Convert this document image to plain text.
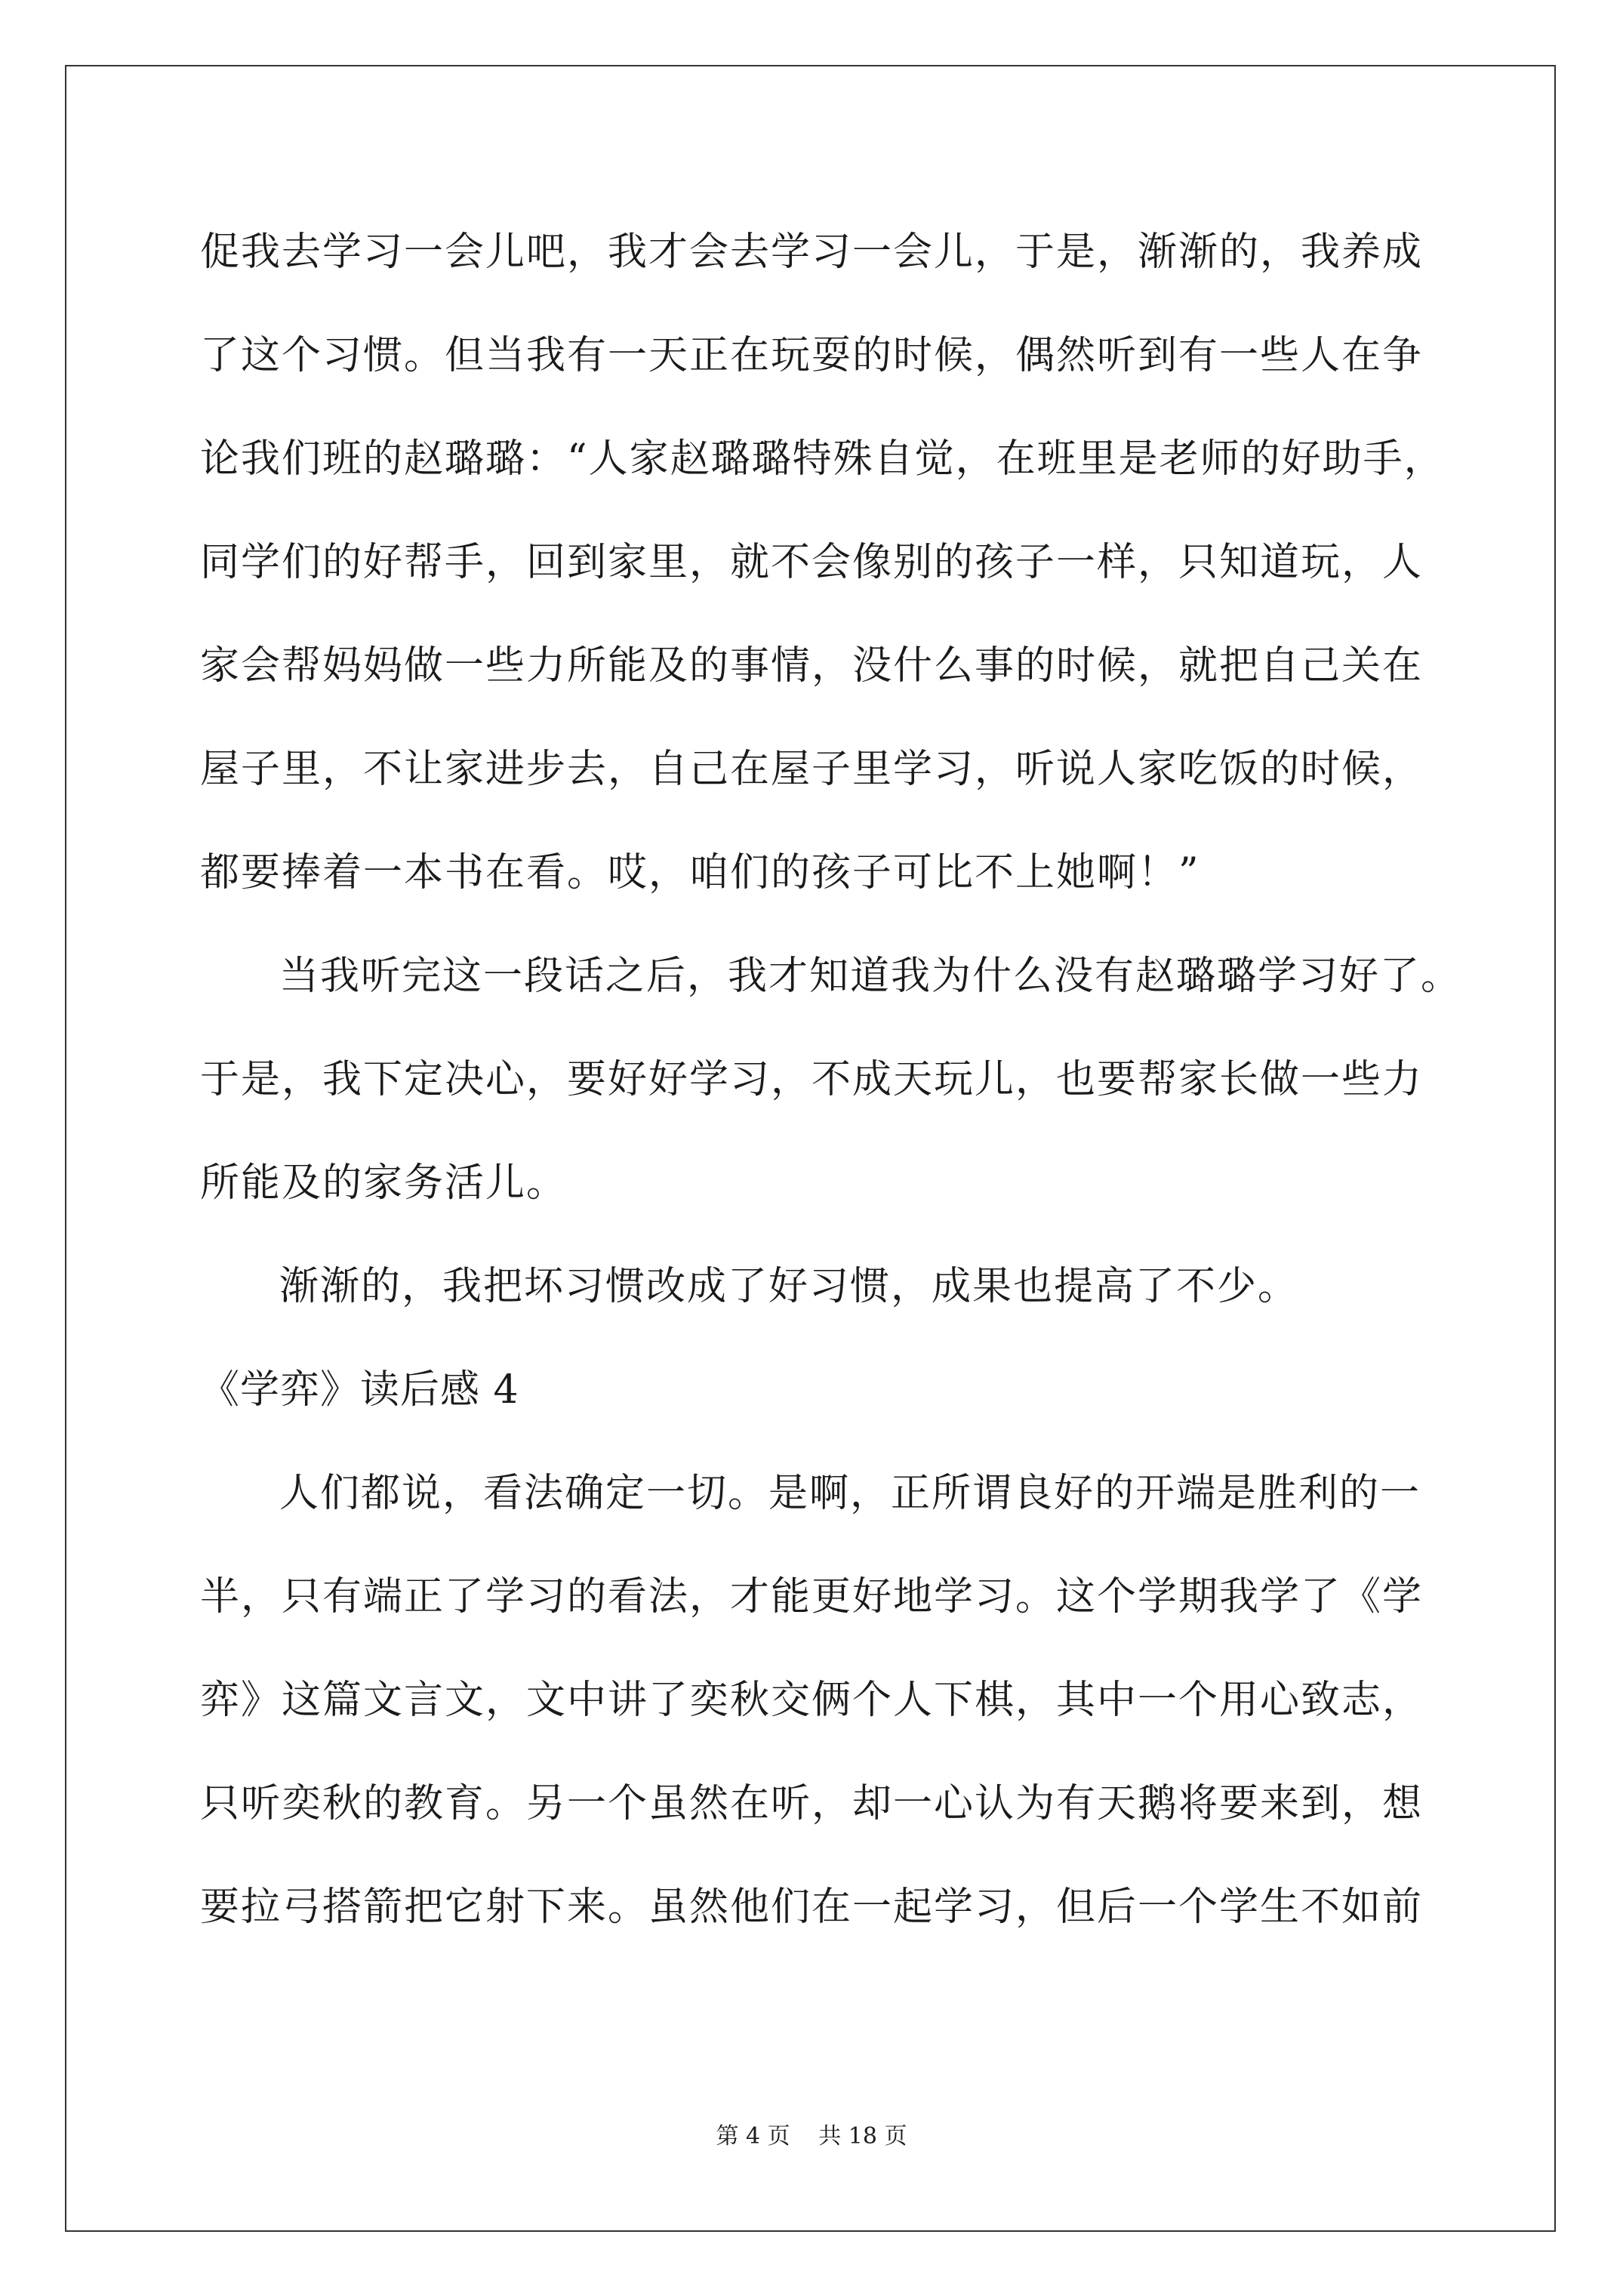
促我去学习一会儿吧，我才会去学习一会儿，于是，渐渐的，我养成
了这个习惯。但当我有一天正在玩耍的时候，偶然听到有一些人在争
论我们班的赵璐璐：“人家赵璐璐特殊自觉，在班里是老师的好助手，
同学们的好帮手，回到家里，就不会像别的孩子一样，只知道玩，人
家会帮妈妈做一些力所能及的事情，没什么事的时候，就把自己关在
屋子里，不让家进步去，自己在屋子里学习，听说人家吃饭的时候，
都要捧着一本书在看。哎，咱们的孩子可比不上她啊！”
当我听完这一段话之后，我才知道我为什么没有赵璐璐学习好了。
于是，我下定决心，要好好学习，不成天玩儿，也要帮家长做一些力
所能及的家务活儿。
渐渐的，我把坏习惯改成了好习惯，成果也提高了不少。
《学弈》读后感 4
人们都说，看法确定一切。是啊，正所谓良好的开端是胜利的一
半，只有端正了学习的看法，才能更好地学习。这个学期我学了《学
弈》这篇文言文，文中讲了奕秋交俩个人下棋，其中一个用心致志，
只听奕秋的教育。另一个虽然在听，却一心认为有天鹅将要来到，想
要拉弓搭箭把它射下来。虽然他们在一起学习，但后一个学生不如前
第 4 页 共 18 页
